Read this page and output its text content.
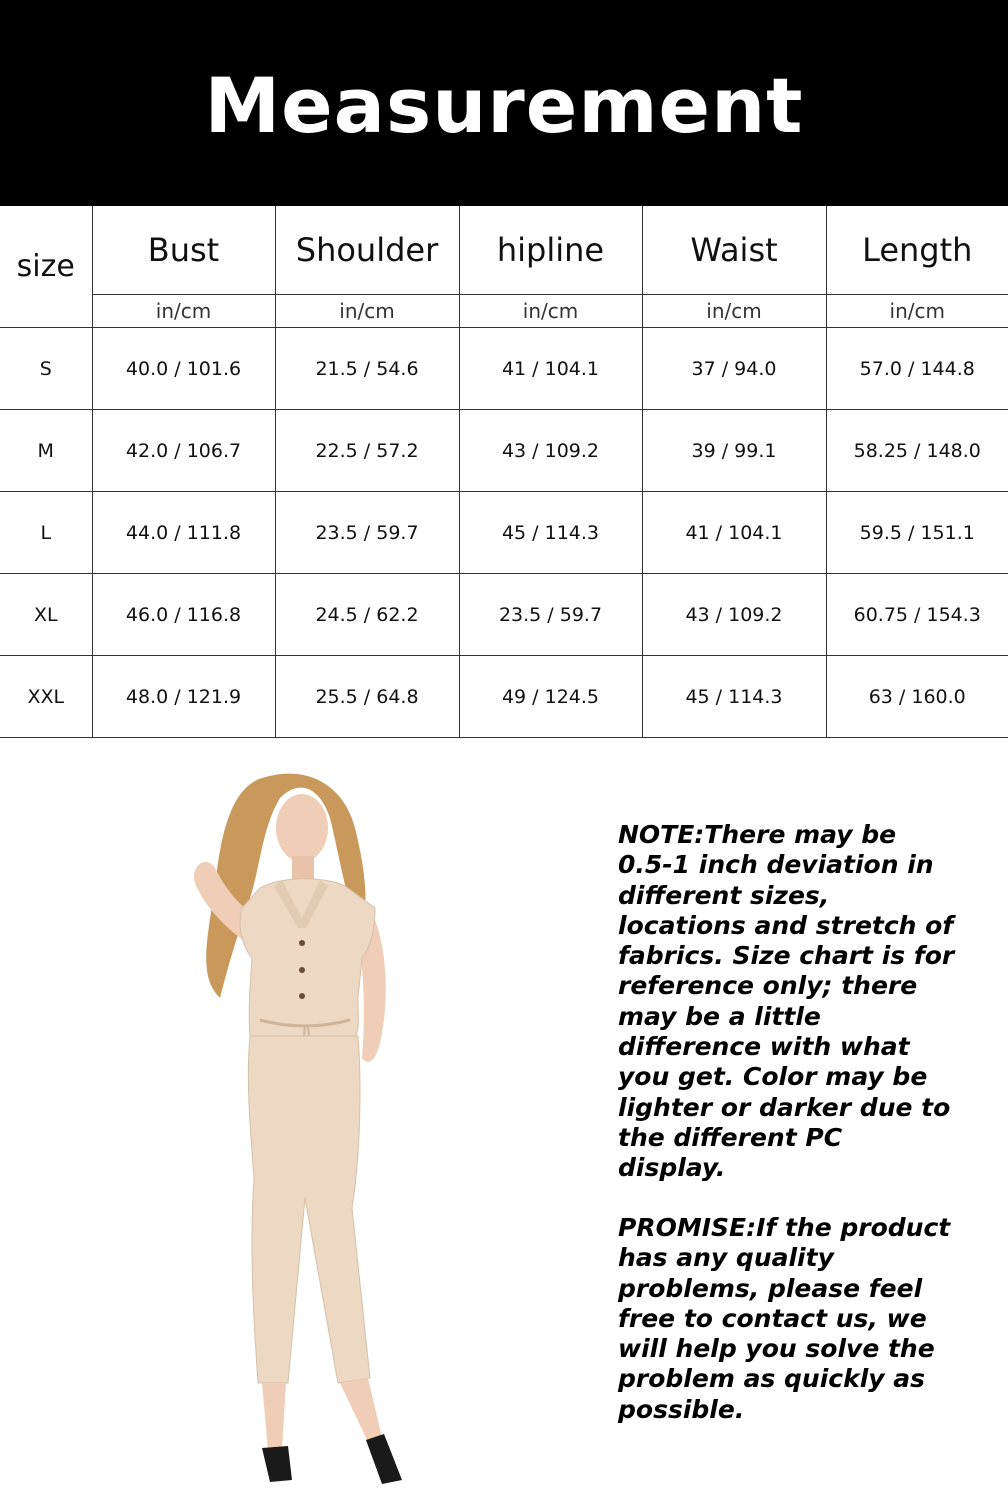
Measurement
size	Bust	Shoulder	hipline	Waist	Length
	in/cm	in/cm	in/cm	in/cm	in/cm
S	40.0 / 101.6	21.5 / 54.6	41 / 104.1	37 / 94.0	57.0 / 144.8
M	42.0 / 106.7	22.5 / 57.2	43 / 109.2	39 / 99.1	58.25 / 148.0
L	44.0 / 111.8	23.5 / 59.7	45 / 114.3	41 / 104.1	59.5 / 151.1
XL	46.0 / 116.8	24.5 / 62.2	23.5 / 59.7	43 / 109.2	60.75 / 154.3
XXL	48.0 / 121.9	25.5 / 64.8	49 / 124.5	45 / 114.3	63 / 160.0

NOTE:There may be 0.5-1 inch deviation in different sizes, locations and stretch of fabrics. Size chart is for reference only; there may be a little difference with what you get. Color may be lighter or darker due to the different PC display.

PROMISE:If the product has any quality problems, please feel free to contact us, we will help you solve the problem as quickly as possible.
